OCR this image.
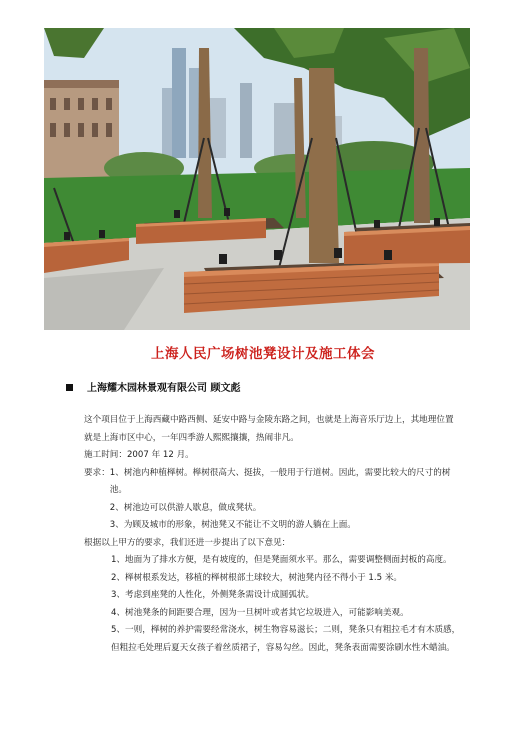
上海人民广场树池凳设计及施工体会
上海耀木园林景观有限公司 顾文彪

这个项目位于上海西藏中路西侧、延安中路与金陵东路之间，也就是上海音乐厅边上，其地理位置就是上海市区中心，一年四季游人熙熙攘攘，热闹非凡。

施工时间：2007 年 12 月。

要求： 1、树池内种植榉树。榉树很高大、挺拔，一般用于行道树。因此，需要比较大的尺寸的树池。

2、树池边可以供游人歇息，做成凳状。

3、为顾及城市的形象，树池凳又不能让不文明的游人躺在上面。

根据以上甲方的要求，我们还进一步提出了以下意见：

1、地面为了排水方便，是有坡度的，但是凳面须水平。那么，需要调整侧面封板的高度。

2、榉树根系发达，移植的榉树根部土球较大，树池凳内径不得小于 1.5 米。

3、考虑到座凳的人性化，外侧凳条需设计成圆弧状。

4、树池凳条的间距要合理，因为一旦树叶或者其它垃圾进入，可能影响美观。

5、一则，榉树的养护需要经常浇水，树生物容易滋长；二则，凳条只有粗拉毛才有木质感，但粗拉毛处理后夏天女孩子着丝质裙子，容易勾丝。因此，凳条表面需要涂刷水性木蜡油。
